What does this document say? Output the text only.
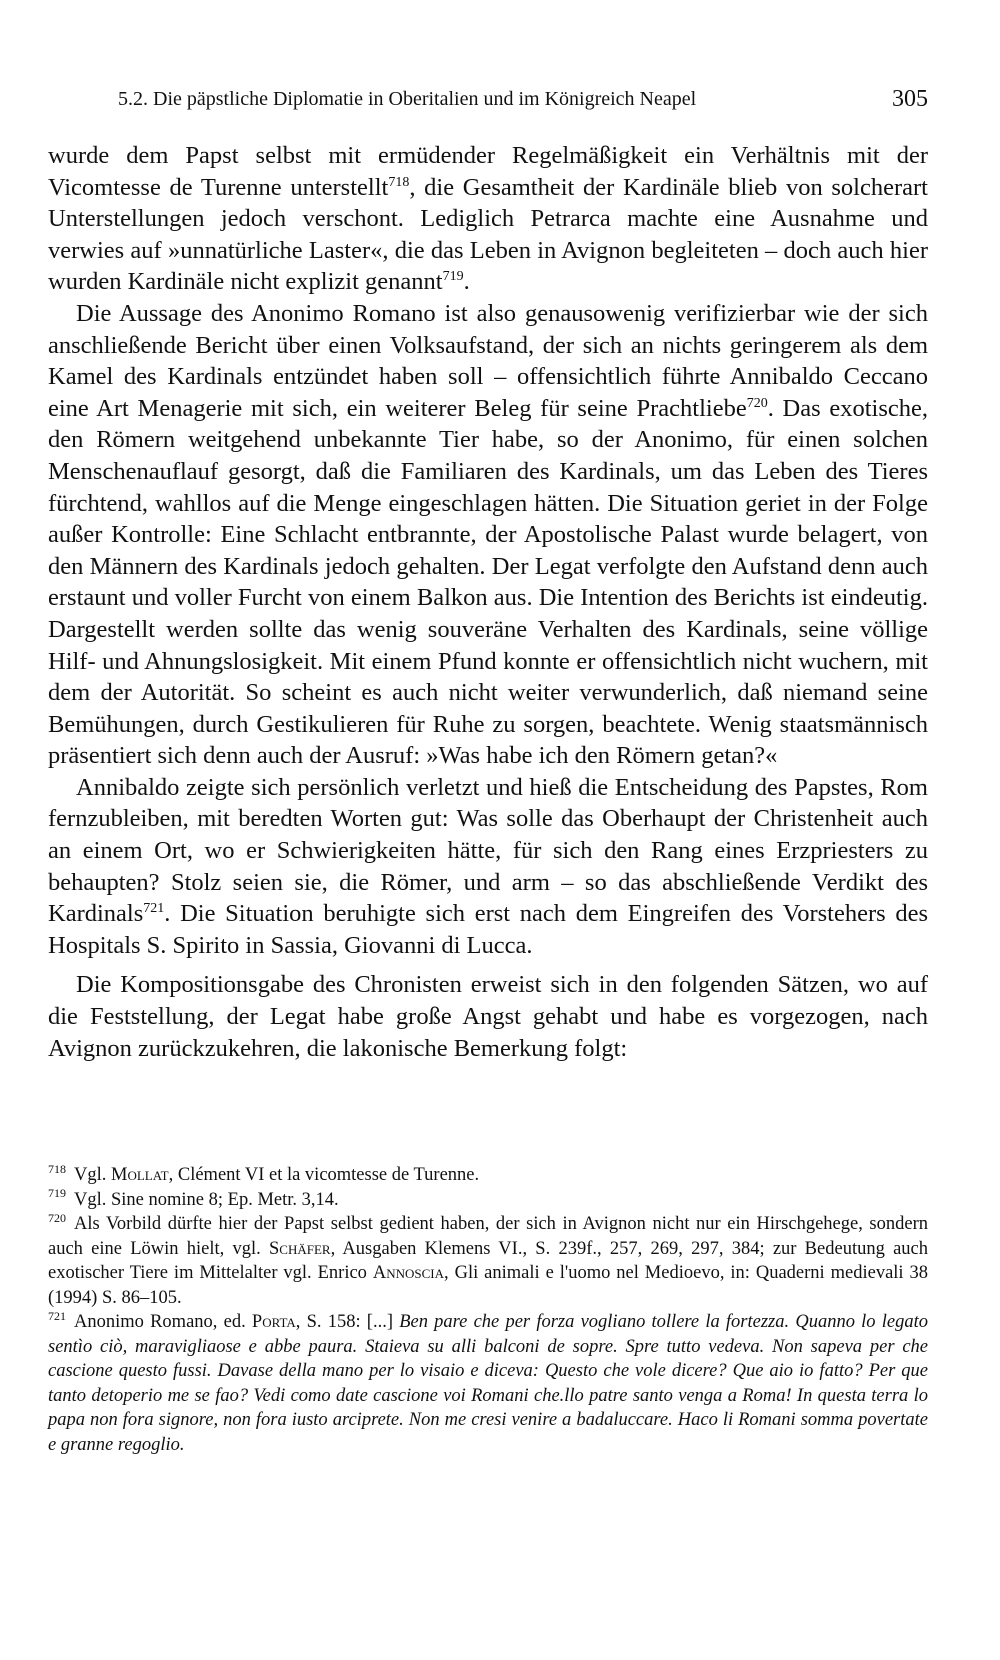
5.2. Die päpstliche Diplomatie in Oberitalien und im Königreich Neapel	305

wurde dem Papst selbst mit ermüdender Regelmäßigkeit ein Verhältnis mit der Vicomtesse de Turenne unterstellt$^{718}$, die Gesamtheit der Kardinäle blieb von solcherart Unterstellungen jedoch verschont. Lediglich Petrarca machte eine Ausnahme und verwies auf »unnatürliche Laster«, die das Leben in Avignon begleiteten – doch auch hier wurden Kardinäle nicht explizit genannt$^{719}$.

Die Aussage des Anonimo Romano ist also genausowenig verifizierbar wie der sich anschließende Bericht über einen Volksaufstand, der sich an nichts geringerem als dem Kamel des Kardinals entzündet haben soll – offensichtlich führte Annibaldo Ceccano eine Art Menagerie mit sich, ein weiterer Beleg für seine Prachtliebe$^{720}$. Das exotische, den Römern weitgehend unbekannte Tier habe, so der Anonimo, für einen solchen Menschenauflauf gesorgt, daß die Familiaren des Kardinals, um das Leben des Tieres fürchtend, wahllos auf die Menge eingeschlagen hätten. Die Situation geriet in der Folge außer Kontrolle: Eine Schlacht entbrannte, der Apostolische Palast wurde belagert, von den Männern des Kardinals jedoch gehalten. Der Legat verfolgte den Aufstand denn auch erstaunt und voller Furcht von einem Balkon aus. Die Intention des Berichts ist eindeutig. Dargestellt werden sollte das wenig souveräne Verhalten des Kardinals, seine völlige Hilf- und Ahnungslosigkeit. Mit einem Pfund konnte er offensichtlich nicht wuchern, mit dem der Autorität. So scheint es auch nicht weiter verwunderlich, daß niemand seine Bemühungen, durch Gestikulieren für Ruhe zu sorgen, beachtete. Wenig staatsmännisch präsentiert sich denn auch der Ausruf: »Was habe ich den Römern getan?«

Annibaldo zeigte sich persönlich verletzt und hieß die Entscheidung des Papstes, Rom fernzubleiben, mit beredten Worten gut: Was solle das Oberhaupt der Christenheit auch an einem Ort, wo er Schwierigkeiten hätte, für sich den Rang eines Erzpriesters zu behaupten? Stolz seien sie, die Römer, und arm – so das abschließende Verdikt des Kardinals$^{721}$. Die Situation beruhigte sich erst nach dem Eingreifen des Vorstehers des Hospitals S. Spirito in Sassia, Giovanni di Lucca.

Die Kompositionsgabe des Chronisten erweist sich in den folgenden Sätzen, wo auf die Feststellung, der Legat habe große Angst gehabt und habe es vorgezogen, nach Avignon zurückzukehren, die lakonische Bemerkung folgt:

$^{718}$ Vgl. Mollat, Clément VI et la vicomtesse de Turenne.

$^{719}$ Vgl. Sine nomine 8; Ep. Metr. 3,14.

$^{720}$ Als Vorbild dürfte hier der Papst selbst gedient haben, der sich in Avignon nicht nur ein Hirschgehege, sondern auch eine Löwin hielt, vgl. Schäfer, Ausgaben Klemens VI., S. 239f., 257, 269, 297, 384; zur Bedeutung auch exotischer Tiere im Mittelalter vgl. Enrico Annoscia, Gli animali e l'uomo nel Medioevo, in: Quaderni medievali 38 (1994) S. 86–105.

$^{721}$ Anonimo Romano, ed. Porta, S. 158: [...] Ben pare che per forza vogliano tollere la fortezza. Quanno lo legato sentìo ciò, maravigliaose e abbe paura. Staieva su alli balconi de sopre. Spre tutto vedeva. Non sapeva per che cascione questo fussi. Davase della mano per lo visaio e diceva: Questo che vole dicere? Que aio io fatto? Per que tanto detoperio me se fao? Vedi como date cascione voi Romani che.llo patre santo venga a Roma! In questa terra lo papa non fora signore, non fora iusto arciprete. Non me cresi venire a badaluccare. Haco li Romani somma povertate e granne regoglio.
